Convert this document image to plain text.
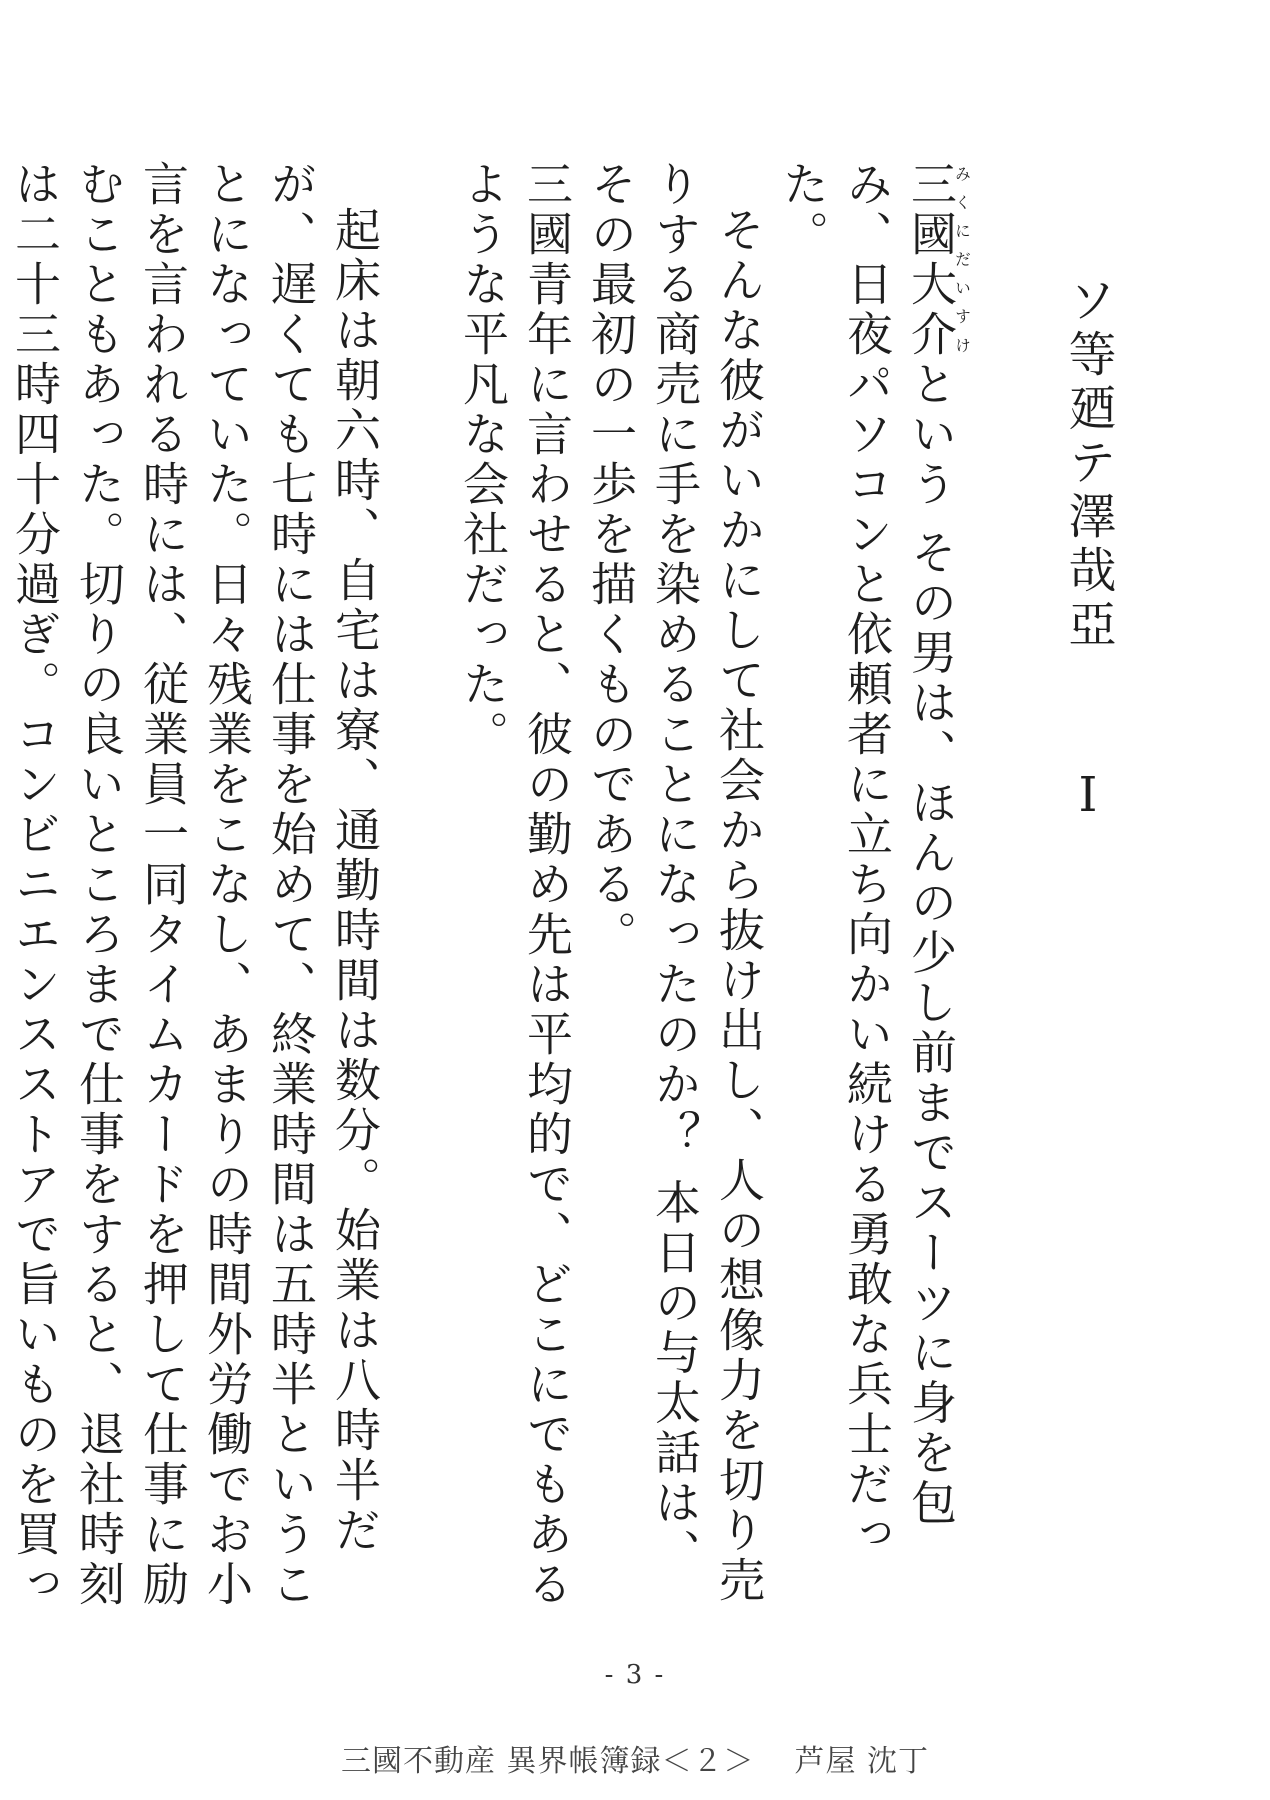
ソ等廼テ澤哉亞　Ⅰ

三國大介みくにだいすけという その男は、ほんの少し前までスーツに身を包み、日夜パソコンと依頼者に立ち向かい続ける勇敢な兵士だった。

そんな彼がいかにして社会から抜け出し、人の想像力を切り売りする商売に手を染めることになったのか？ 本日の与太話は、その最初の一歩を描くものである。

三國青年に言わせると、彼の勤め先は平均的で、どこにでもあるような平凡な会社だった。

起床は朝六時、自宅は寮、通勤時間は数分。始業は八時半だが、遅くても七時には仕事を始めて、終業時間は五時半ということになっていた。日々残業をこなし、あまりの時間外労働でお小言を言われる時には、従業員一同タイムカードを押して仕事に励むこともあった。切りの良いところまで仕事をすると、退社時刻は二十三時四十分過ぎ。コンビニエンスストアで旨いものを買っ

- 3 -
三國不動産 異界帳簿録＜２＞ 芦屋 沈丁
